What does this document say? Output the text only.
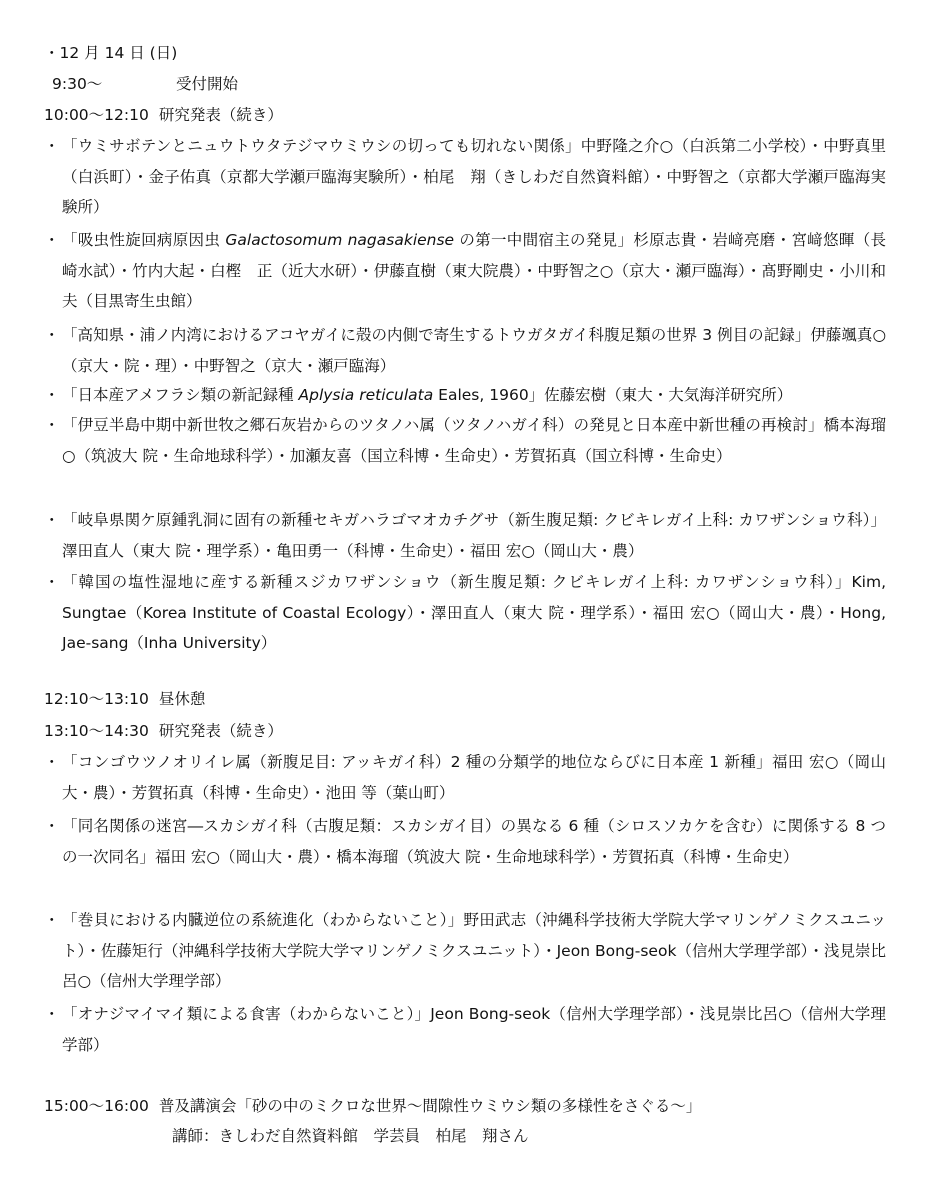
・12 月 14 日 (日)
9:30～	受付開始
10:00～12:10 研究発表（続き）
・ 「ウミサボテンとニュウトウタテジマウミウシの切っても切れない関係」中野隆之介○（白浜第二小学校）・中野真里（白浜町）・金子佑真（京都大学瀬戸臨海実験所）・柏尾　翔（きしわだ自然資料館）・中野智之（京都大学瀬戸臨海実験所）
・ 「吸虫性旋回病原因虫 Galactosomum nagasakiense の第一中間宿主の発見」杉原志貴・岩﨑亮磨・宮﨑悠暉（長崎水試）・竹内大起・白樫　正（近大水研）・伊藤直樹（東大院農）・中野智之○（京大・瀬戸臨海）・髙野剛史・小川和夫（目黒寄生虫館）
・ 「高知県・浦ノ内湾におけるアコヤガイに殻の内側で寄生するトウガタガイ科腹足類の世界 3 例目の記録」伊藤颯真○（京大・院・理）・中野智之（京大・瀬戸臨海）
・ 「日本産アメフラシ類の新記録種 Aplysia reticulata Eales, 1960」佐藤宏樹（東大・大気海洋研究所）
・ 「伊豆半島中期中新世牧之郷石灰岩からのツタノハ属（ツタノハガイ科）の発見と日本産中新世種の再検討」橋本海瑠○（筑波大 院・生命地球科学）・加瀬友喜（国立科博・生命史）・芳賀拓真（国立科博・生命史）
・ 「岐阜県関ケ原鍾乳洞に固有の新種セキガハラゴマオカチグサ（新生腹足類: クビキレガイ上科: カワザンショウ科）」澤田直人（東大 院・理学系）・亀田勇一（科博・生命史）・福田 宏○（岡山大・農）
・ 「韓国の塩性湿地に産する新種スジカワザンショウ（新生腹足類: クビキレガイ上科: カワザンショウ科）」Kim, Sungtae（Korea Institute of Coastal Ecology）・澤田直人（東大 院・理学系）・福田 宏○（岡山大・農）・Hong, Jae-sang（Inha University）
12:10～13:10 昼休憩
13:10～14:30 研究発表（続き）
・ 「コンゴウツノオリイレ属（新腹足目: アッキガイ科）2 種の分類学的地位ならびに日本産 1 新種」福田 宏○（岡山大・農）・芳賀拓真（科博・生命史）・池田 等（葉山町）
・ 「同名関係の迷宮―スカシガイ科（古腹足類：スカシガイ目）の異なる 6 種（シロスソカケを含む）に関係する 8 つの一次同名」福田 宏○（岡山大・農）・橋本海瑠（筑波大 院・生命地球科学）・芳賀拓真（科博・生命史）
・ 「巻貝における内臓逆位の系統進化（わからないこと）」野田武志（沖縄科学技術大学院大学マリンゲノミクスユニット）・佐藤矩行（沖縄科学技術大学院大学マリンゲノミクスユニット）・Jeon Bong-seok（信州大学理学部）・浅見崇比呂○（信州大学理学部）
・ 「オナジマイマイ類による食害（わからないこと）」Jeon Bong-seok（信州大学理学部）・浅見崇比呂○（信州大学理学部）
15:00～16:00 普及講演会「砂の中のミクロな世界～間隙性ウミウシ類の多様性をさぐる～」
講師：きしわだ自然資料館　学芸員　柏尾　翔さん
